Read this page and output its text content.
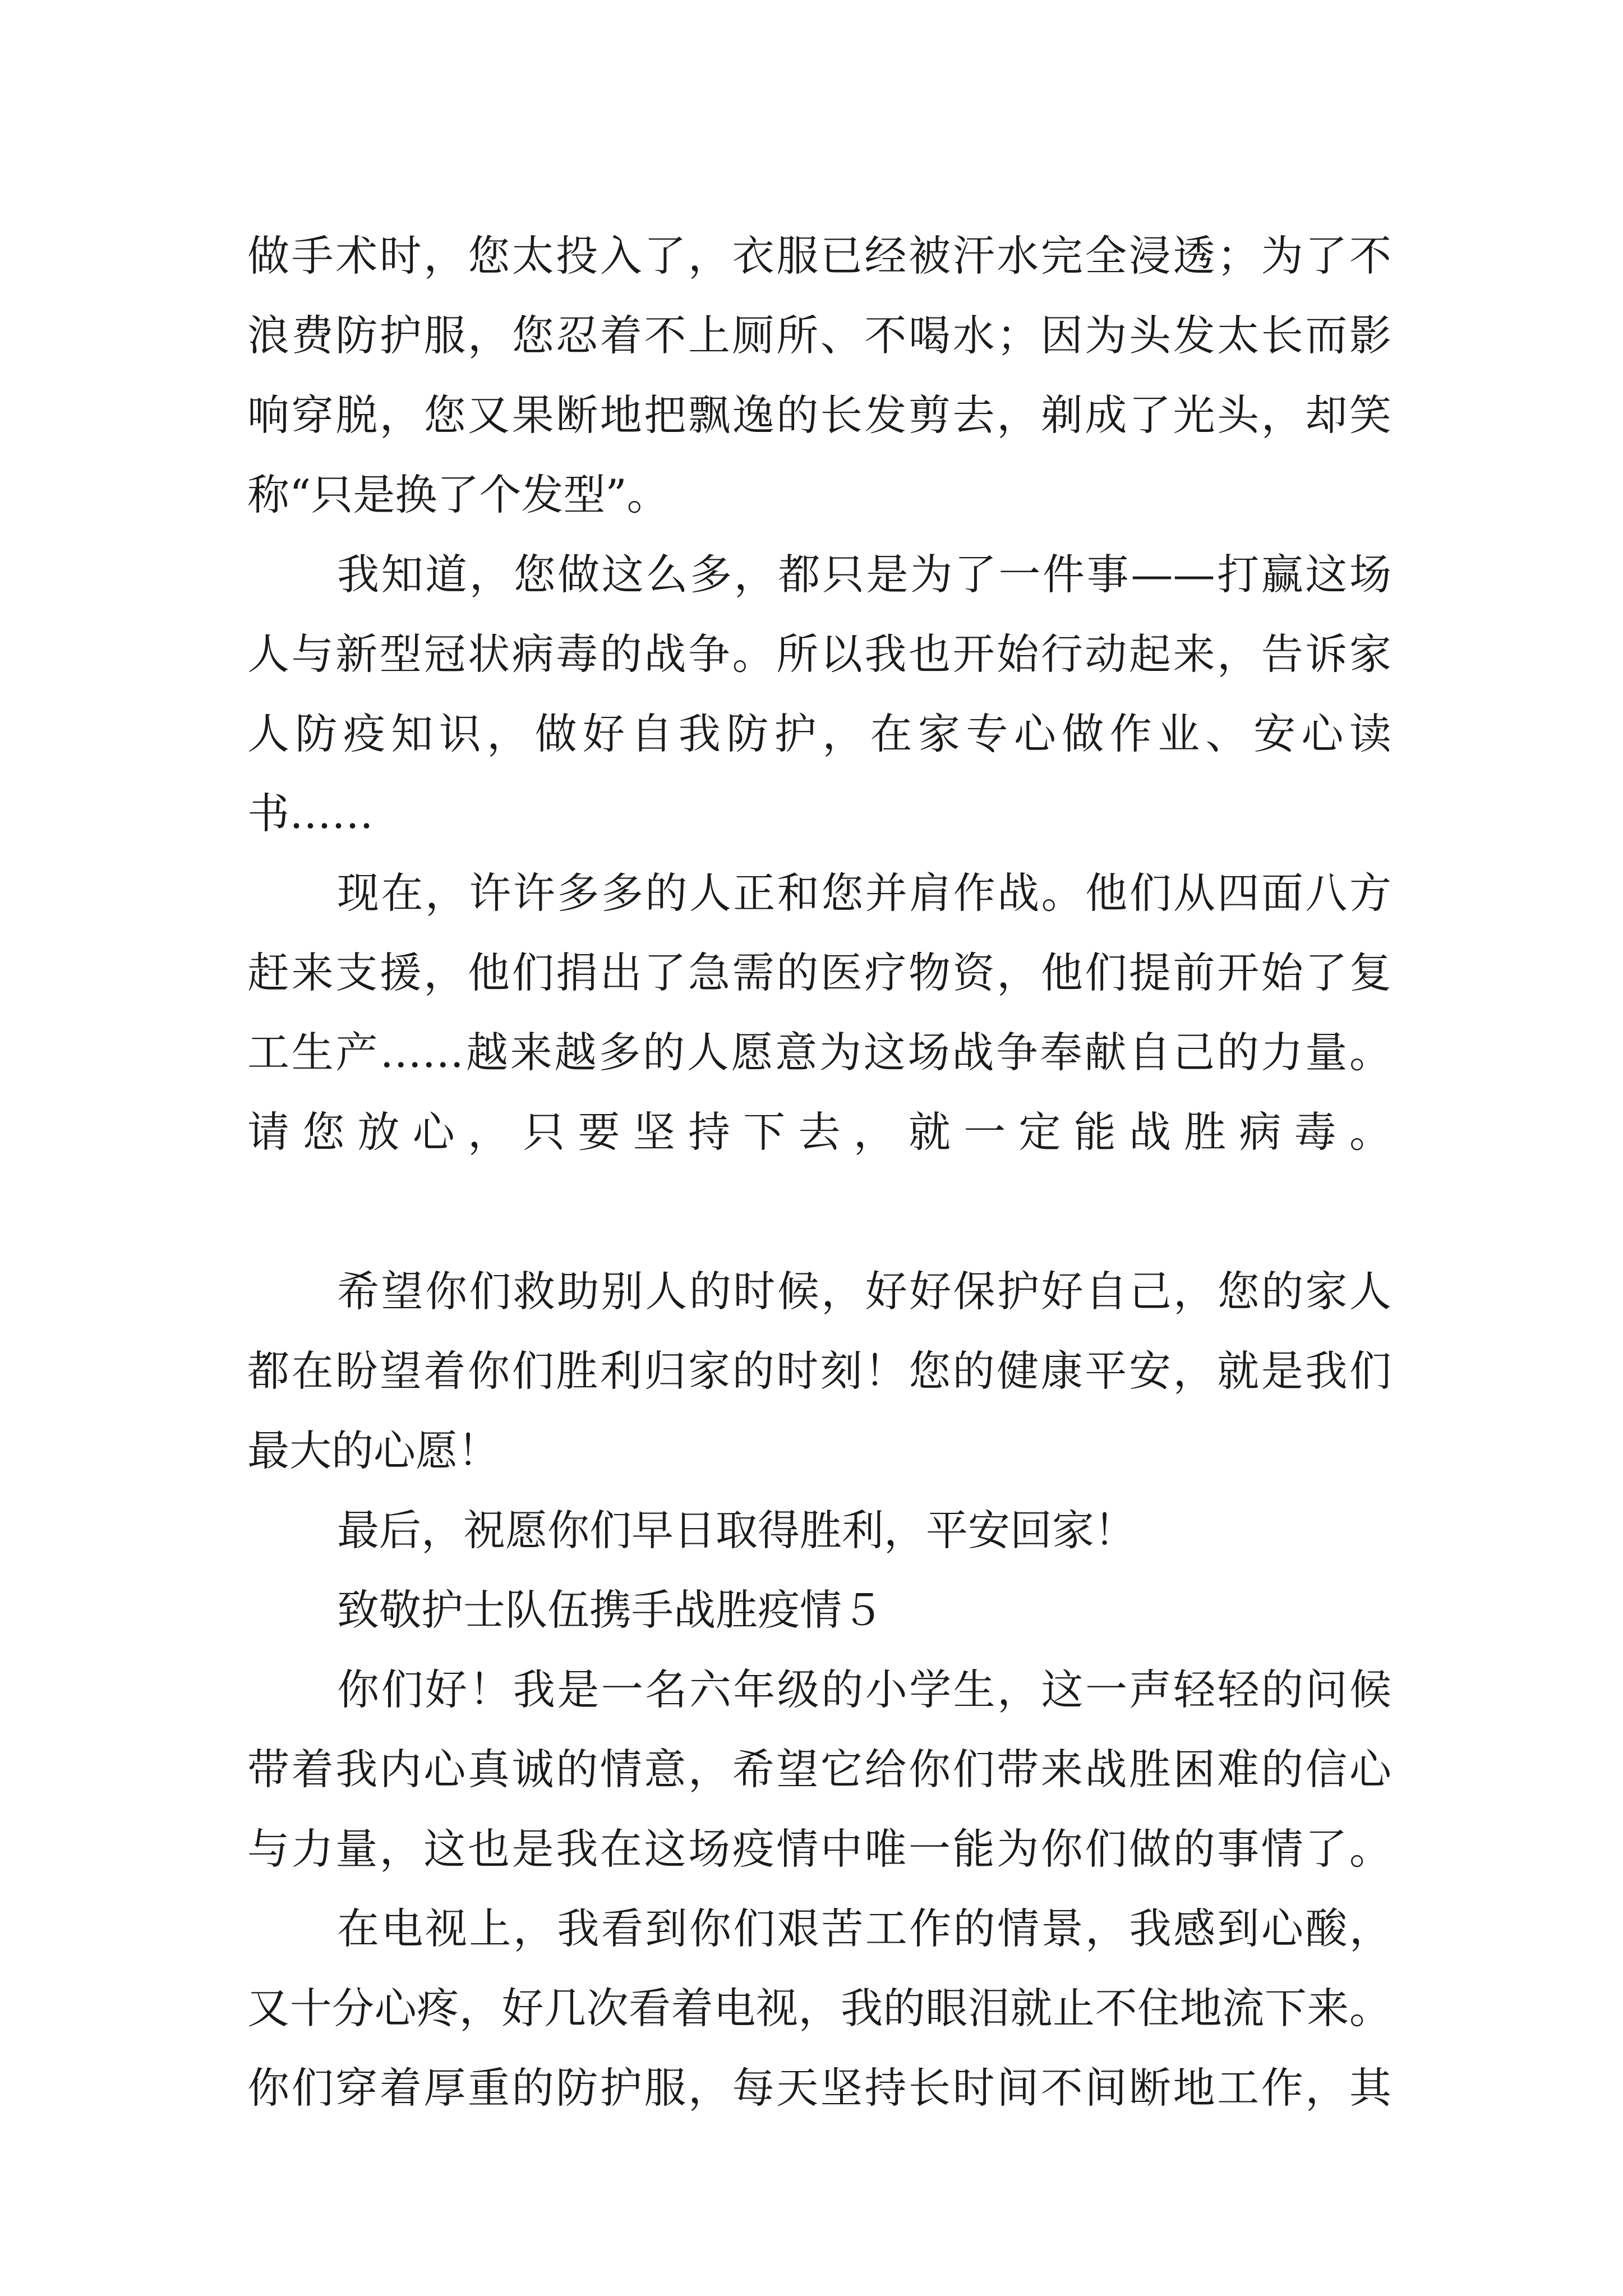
做手术时，您太投入了，衣服已经被汗水完全浸透；为了不
浪费防护服，您忍着不上厕所、不喝水；因为头发太长而影
响穿脱，您又果断地把飘逸的长发剪去，剃成了光头，却笑
称“只是换了个发型”。
我知道，您做这么多，都只是为了一件事——打赢这场
人与新型冠状病毒的战争。所以我也开始行动起来，告诉家
人防疫知识，做好自我防护，在家专心做作业、安心读
书……
现在，许许多多的人正和您并肩作战。他们从四面八方
赶来支援，他们捐出了急需的医疗物资，他们提前开始了复
工生产……越来越多的人愿意为这场战争奉献自己的力量。
请您放心，只要坚持下去，就一定能战胜病毒。
希望你们救助别人的时候，好好保护好自己，您的家人
都在盼望着你们胜利归家的时刻！您的健康平安，就是我们
最大的心愿！
最后，祝愿你们早日取得胜利，平安回家！
致敬护士队伍携手战胜疫情５
你们好！我是一名六年级的小学生，这一声轻轻的问候
带着我内心真诚的情意，希望它给你们带来战胜困难的信心
与力量，这也是我在这场疫情中唯一能为你们做的事情了。
在电视上，我看到你们艰苦工作的情景，我感到心酸，
又十分心疼，好几次看着电视，我的眼泪就止不住地流下来。
你们穿着厚重的防护服，每天坚持长时间不间断地工作，其
